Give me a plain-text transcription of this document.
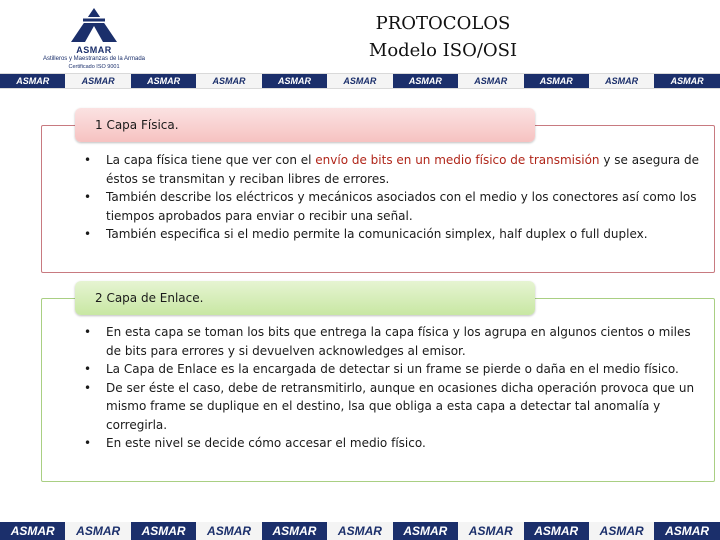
ASMAR
Astilleros y Maestranzas de la Armada
Certificado ISO 9001
PROTOCOLOS
Modelo ISO/OSI
ASMAR	ASMAR	ASMAR	ASMAR	ASMAR	ASMAR	ASMAR	ASMAR	ASMAR	ASMAR	ASMAR
1 Capa Física.
• La capa física tiene que ver con el envío de bits en un medio físico de transmisión y se asegura de éstos se transmitan y reciban libres de errores.
• También describe los eléctricos y mecánicos asociados con el medio y los conectores así como los tiempos aprobados para enviar o recibir una señal.
• También especifica si el medio permite la comunicación simplex, half duplex o full duplex.
2 Capa de Enlace.
• En esta capa se toman los bits que entrega la capa física y los agrupa en algunos cientos o miles de bits para errores y si devuelven acknowledges al emisor.
• La Capa de Enlace es la encargada de detectar si un frame se pierde o daña en el medio físico.
• De ser éste el caso, debe de retransmitirlo, aunque en ocasiones dicha operación provoca que un mismo frame se duplique en el destino, lsa que obliga a esta capa a detectar tal anomalía y corregirla.
• En este nivel se decide cómo accesar el medio físico.
ASMAR	ASMAR	ASMAR	ASMAR	ASMAR	ASMAR	ASMAR	ASMAR	ASMAR	ASMAR	ASMAR
